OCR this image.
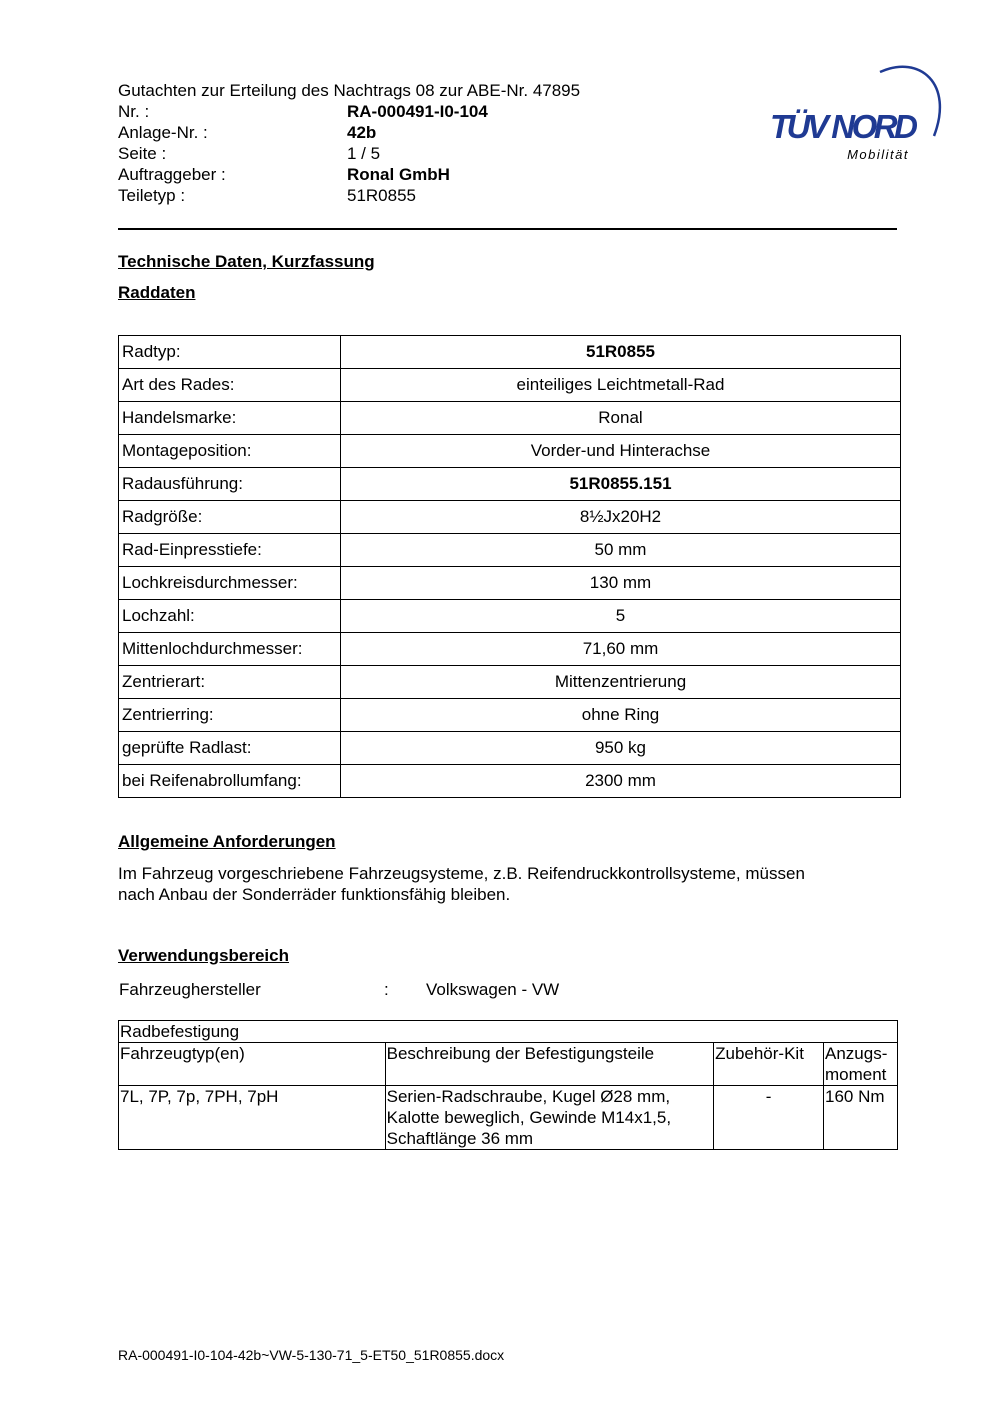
Gutachten zur Erteilung des Nachtrags 08 zur ABE-Nr. 47895
Nr. :	RA-000491-I0-104
Anlage-Nr. :	42b
Seite :	1 / 5
Auftraggeber :	Ronal GmbH
Teiletyp :	51R0855
TÜV NORD
Mobilität
Technische Daten, Kurzfassung
Raddaten
Radtyp:	51R0855
Art des Rades:	einteiliges Leichtmetall-Rad
Handelsmarke:	Ronal
Montageposition:	Vorder-und Hinterachse
Radausführung:	51R0855.151
Radgröße:	8½Jx20H2
Rad-Einpresstiefe:	50 mm
Lochkreisdurchmesser:	130 mm
Lochzahl:	5
Mittenlochdurchmesser:	71,60 mm
Zentrierart:	Mittenzentrierung
Zentrierring:	ohne Ring
geprüfte Radlast:	950 kg
bei Reifenabrollumfang:	2300 mm
Allgemeine Anforderungen
Im Fahrzeug vorgeschriebene Fahrzeugsysteme, z.B. Reifendruckkontrollsysteme, müssen
nach Anbau der Sonderräder funktionsfähig bleiben.
Verwendungsbereich
Fahrzeughersteller	: Volkswagen - VW
Radbefestigung			
Fahrzeugtyp(en)	Beschreibung der Befestigungsteile	Zubehör-Kit	Anzugs-
moment

7L, 7P, 7p, 7PH, 7pH	Serien-Radschraube, Kugel Ø28 mm,
Kalotte beweglich, Gewinde M14x1,5,
Schaftlänge 36 mm	-	160 Nm
RA-000491-I0-104-42b~VW-5-130-71_5-ET50_51R0855.docx
